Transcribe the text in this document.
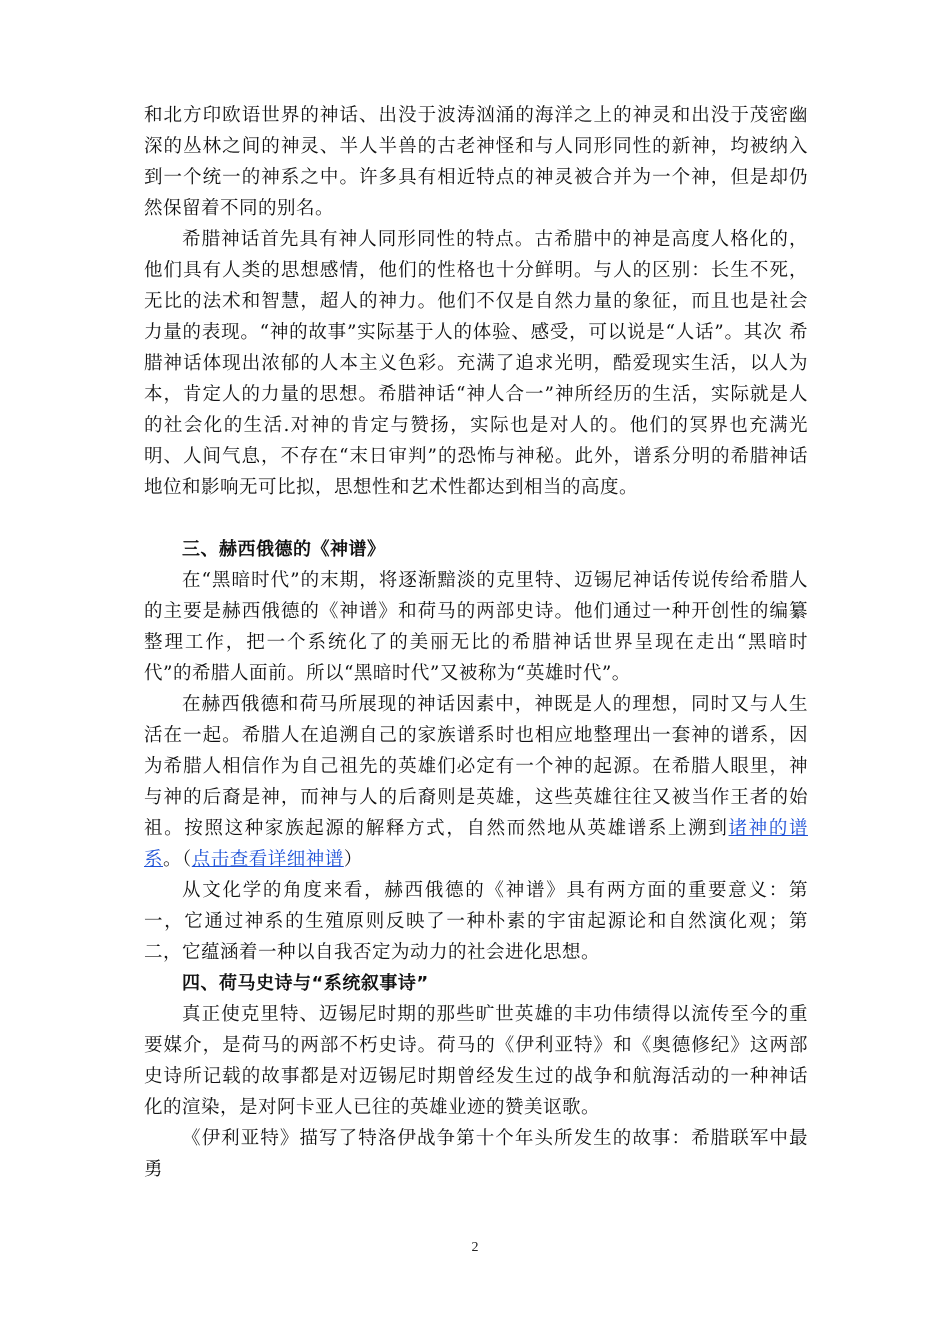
和北方印欧语世界的神话、出没于波涛汹涌的海洋之上的神灵和出没于茂密幽深的丛林之间的神灵、半人半兽的古老神怪和与人同形同性的新神，均被纳入到一个统一的神系之中。许多具有相近特点的神灵被合并为一个神，但是却仍然保留着不同的别名。

希腊神话首先具有神人同形同性的特点。古希腊中的神是高度人格化的，他们具有人类的思想感情，他们的性格也十分鲜明。与人的区别：长生不死，无比的法术和智慧，超人的神力。他们不仅是自然力量的象征，而且也是社会力量的表现。“神的故事”实际基于人的体验、感受，可以说是“人话”。其次 希腊神话体现出浓郁的人本主义色彩。充满了追求光明，酷爱现实生活，以人为本，肯定人的力量的思想。希腊神话“神人合一”神所经历的生活，实际就是人的社会化的生活.对神的肯定与赞扬，实际也是对人的。他们的冥界也充满光明、人间气息，不存在“末日审判”的恐怖与神秘。此外，谱系分明的希腊神话地位和影响无可比拟，思想性和艺术性都达到相当的高度。

三、赫西俄德的《神谱》

在“黑暗时代”的末期，将逐渐黯淡的克里特、迈锡尼神话传说传给希腊人的主要是赫西俄德的《神谱》和荷马的两部史诗。他们通过一种开创性的编纂整理工作，把一个系统化了的美丽无比的希腊神话世界呈现在走出“黑暗时代”的希腊人面前。所以“黑暗时代”又被称为“英雄时代”。

在赫西俄德和荷马所展现的神话因素中，神既是人的理想，同时又与人生活在一起。希腊人在追溯自己的家族谱系时也相应地整理出一套神的谱系，因为希腊人相信作为自己祖先的英雄们必定有一个神的起源。在希腊人眼里，神与神的后裔是神，而神与人的后裔则是英雄，这些英雄往往又被当作王者的始祖。按照这种家族起源的解释方式，自然而然地从英雄谱系上溯到诸神的谱系。（点击查看详细神谱）

从文化学的角度来看，赫西俄德的《神谱》具有两方面的重要意义：第一，它通过神系的生殖原则反映了一种朴素的宇宙起源论和自然演化观；第二，它蕴涵着一种以自我否定为动力的社会进化思想。

四、荷马史诗与“系统叙事诗”

真正使克里特、迈锡尼时期的那些旷世英雄的丰功伟绩得以流传至今的重要媒介，是荷马的两部不朽史诗。荷马的《伊利亚特》和《奥德修纪》这两部史诗所记载的故事都是对迈锡尼时期曾经发生过的战争和航海活动的一种神话化的渲染，是对阿卡亚人已往的英雄业迹的赞美讴歌。

《伊利亚特》描写了特洛伊战争第十个年头所发生的故事：希腊联军中最勇

2
